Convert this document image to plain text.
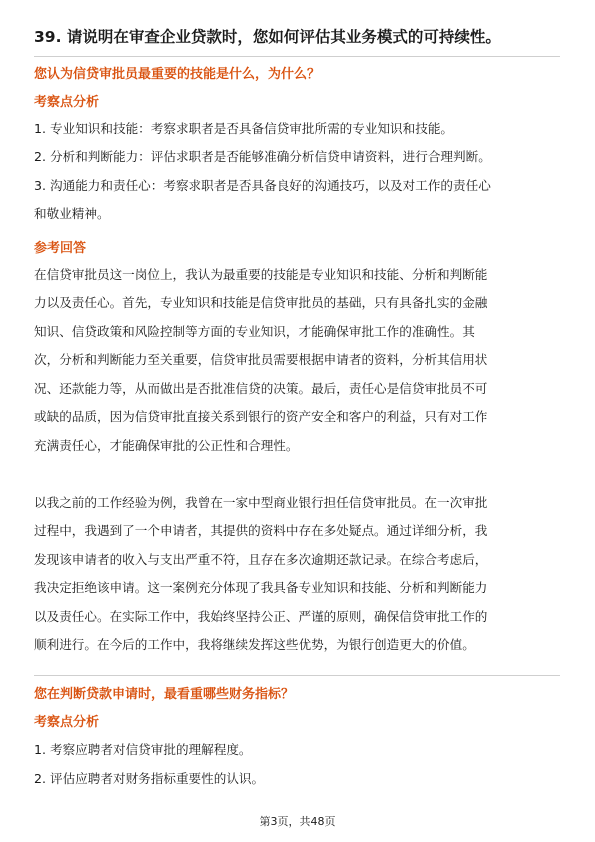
39. 请说明在审查企业贷款时，您如何评估其业务模式的可持续性。
您认为信贷审批员最重要的技能是什么，为什么？
考察点分析
1. 专业知识和技能：考察求职者是否具备信贷审批所需的专业知识和技能。
2. 分析和判断能力：评估求职者是否能够准确分析信贷申请资料，进行合理判断。
3. 沟通能力和责任心：考察求职者是否具备良好的沟通技巧，以及对工作的责任心
和敬业精神。
参考回答
在信贷审批员这一岗位上，我认为最重要的技能是专业知识和技能、分析和判断能
力以及责任心。首先，专业知识和技能是信贷审批员的基础，只有具备扎实的金融
知识、信贷政策和风险控制等方面的专业知识，才能确保审批工作的准确性。其
次，分析和判断能力至关重要，信贷审批员需要根据申请者的资料，分析其信用状
况、还款能力等，从而做出是否批准信贷的决策。最后，责任心是信贷审批员不可
或缺的品质，因为信贷审批直接关系到银行的资产安全和客户的利益，只有对工作
充满责任心，才能确保审批的公正性和合理性。
以我之前的工作经验为例，我曾在一家中型商业银行担任信贷审批员。在一次审批
过程中，我遇到了一个申请者，其提供的资料中存在多处疑点。通过详细分析，我
发现该申请者的收入与支出严重不符，且存在多次逾期还款记录。在综合考虑后，
我决定拒绝该申请。这一案例充分体现了我具备专业知识和技能、分析和判断能力
以及责任心。在实际工作中，我始终坚持公正、严谨的原则，确保信贷审批工作的
顺利进行。在今后的工作中，我将继续发挥这些优势，为银行创造更大的价值。
您在判断贷款申请时，最看重哪些财务指标？
考察点分析
1. 考察应聘者对信贷审批的理解程度。
2. 评估应聘者对财务指标重要性的认识。
第3页，共48页
